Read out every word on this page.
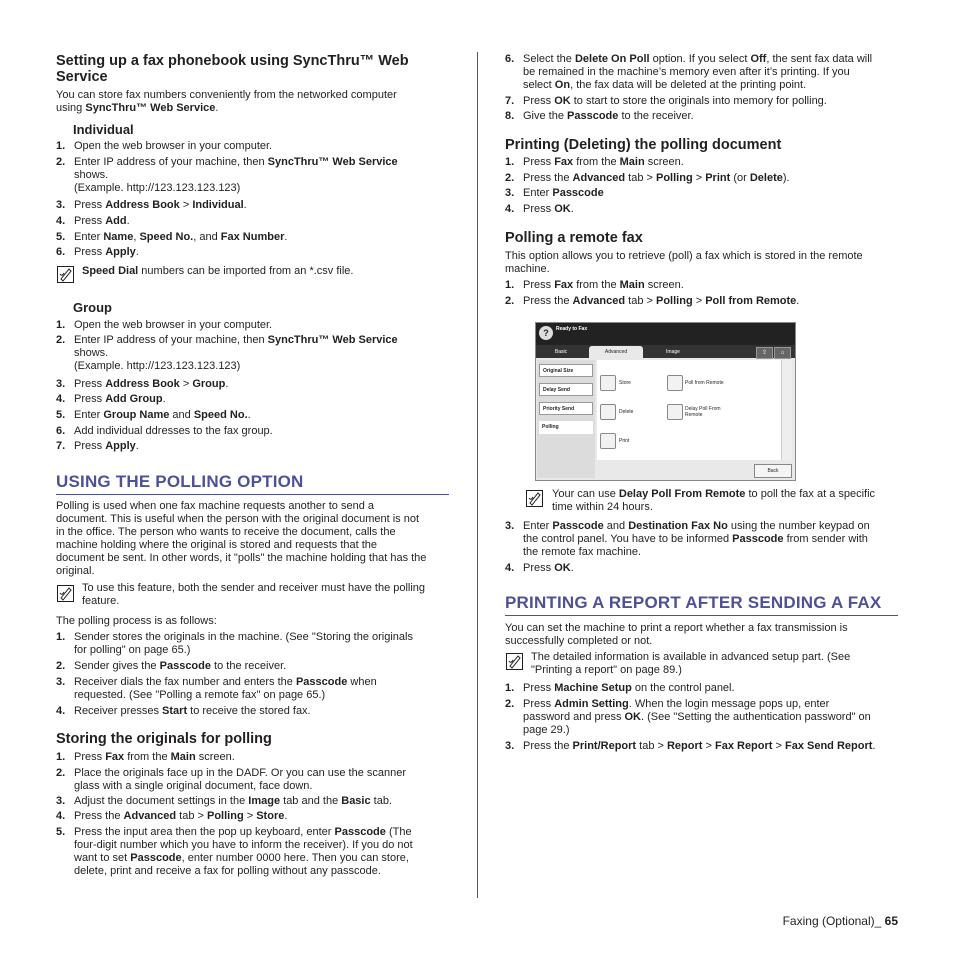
Setting up a fax phonebook using SyncThru™ Web Service
You can store fax numbers conveniently from the networked computer
using SyncThru™ Web Service.
Individual
1. Open the web browser in your computer.
2. Enter IP address of your machine, then SyncThru™ Web Service
shows.
(Example. http://123.123.123.123)
3. Press Address Book > Individual.
4. Press Add.
5. Enter Name, Speed No., and Fax Number.
6. Press Apply.
Speed Dial numbers can be imported from an *.csv file.
Group
1. Open the web browser in your computer.
2. Enter IP address of your machine, then SyncThru™ Web Service
shows.
(Example. http://123.123.123.123)
3. Press Address Book > Group.
4. Press Add Group.
5. Enter Group Name and Speed No..
6. Add individual ddresses to the fax group.
7. Press Apply.
USING THE POLLING OPTION
Polling is used when one fax machine requests another to send a
document. This is useful when the person with the original document is not
in the office. The person who wants to receive the document, calls the
machine holding where the original is stored and requests that the
document be sent. In other words, it "polls" the machine holding that has the
original.
To use this feature, both the sender and receiver must have the polling
feature.
The polling process is as follows:
1. Sender stores the originals in the machine. (See "Storing the originals
for polling" on page 65.)
2. Sender gives the Passcode to the receiver.
3. Receiver dials the fax number and enters the Passcode when
requested. (See "Polling a remote fax" on page 65.)
4. Receiver presses Start to receive the stored fax.
Storing the originals for polling
1. Press Fax from the Main screen.
2. Place the originals face up in the DADF. Or you can use the scanner
glass with a single original document, face down.
3. Adjust the document settings in the Image tab and the Basic tab.
4. Press the Advanced tab > Polling > Store.
5. Press the input area then the pop up keyboard, enter Passcode (The
four-digit number which you have to inform the receiver). If you do not
want to set Passcode, enter number 0000 here. Then you can store,
delete, print and receive a fax for polling without any passcode.
6. Select the Delete On Poll option. If you select Off, the sent fax data will
be remained in the machine’s memory even after it’s printing. If you
select On, the fax data will be deleted at the printing point.
7. Press OK to start to store the originals into memory for polling.
8. Give the Passcode to the receiver.
Printing (Deleting) the polling document
1. Press Fax from the Main screen.
2. Press the Advanced tab > Polling > Print (or Delete).
3. Enter Passcode
4. Press OK.
Polling a remote fax
This option allows you to retrieve (poll) a fax which is stored in the remote
machine.
1. Press Fax from the Main screen.
2. Press the Advanced tab > Polling > Poll from Remote.
?	Ready to Fax
Basic	Advanced	Image	⇪	⌂
Original Size
Delay Send
Priority Send
Polling
Store
Delete
Print
Poll from Remote
Delay Poll From
Remote
Back
Your can use Delay Poll From Remote to poll the fax at a specific
time within 24 hours.
3. Enter Passcode and Destination Fax No using the number keypad on
the control panel. You have to be informed Passcode from sender with
the remote fax machine.
4. Press OK.
PRINTING A REPORT AFTER SENDING A FAX
You can set the machine to print a report whether a fax transmission is
successfully completed or not.
The detailed information is available in advanced setup part. (See
"Printing a report" on page 89.)
1. Press Machine Setup on the control panel.
2. Press Admin Setting. When the login message pops up, enter
password and press OK. (See "Setting the authentication password" on
page 29.)
3. Press the Print/Report tab > Report > Fax Report > Fax Send Report.
Faxing (Optional)_ 65
